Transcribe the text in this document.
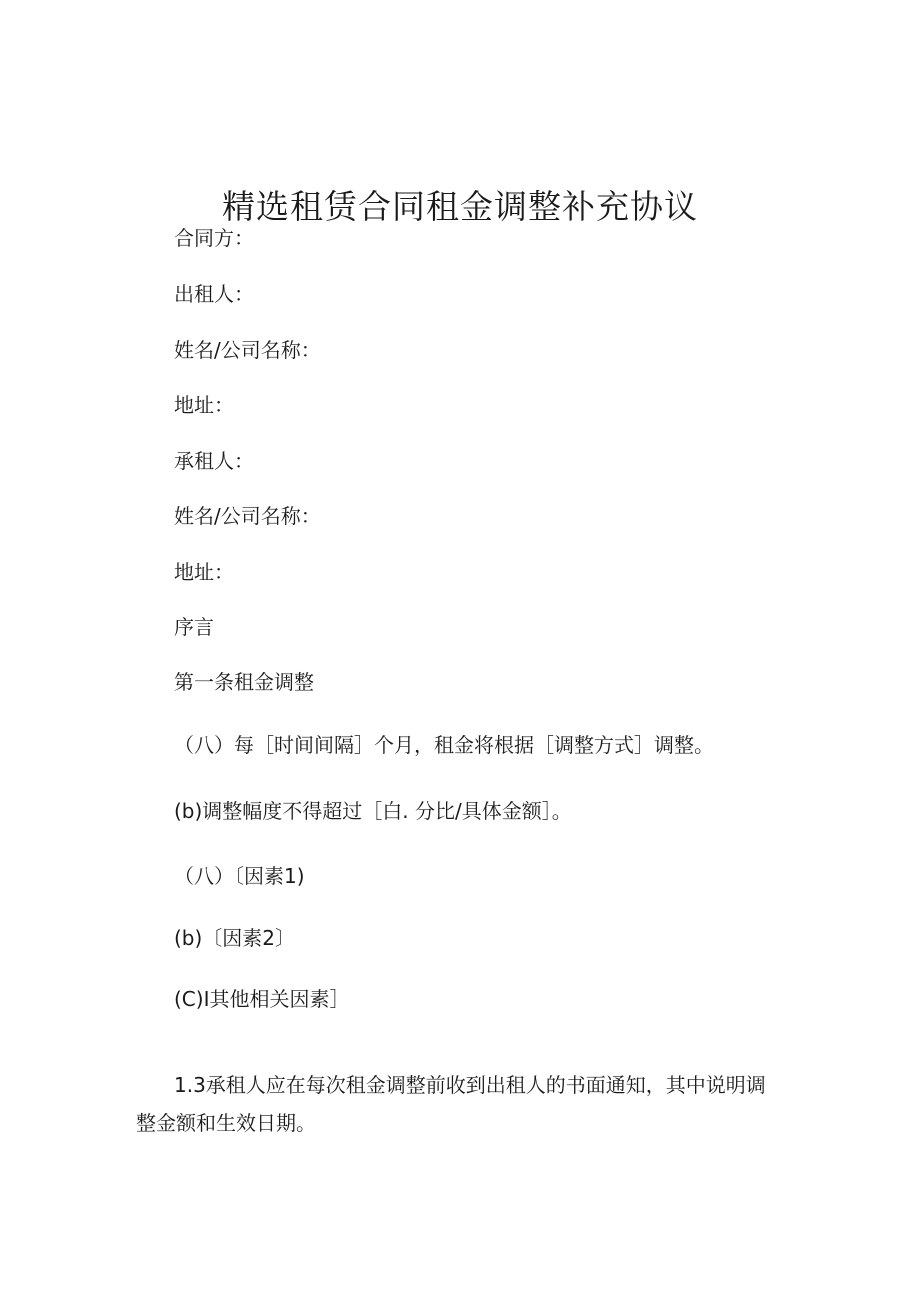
精选租赁合同租金调整补充协议
合同方：
出租人：
姓名/公司名称：
地址：
承租人：
姓名/公司名称：
地址：
序言
第一条租金调整
（八）每［时间间隔］个月，租金将根据［调整方式］调整。
(b)调整幅度不得超过［白. 分比/具体金额］。
（八）〔因素1)
(b)〔因素2〕
(C)I其他相关因素］

1.3承租人应在每次租金调整前收到出租人的书面通知，其中说明调整金额和生效日期。
